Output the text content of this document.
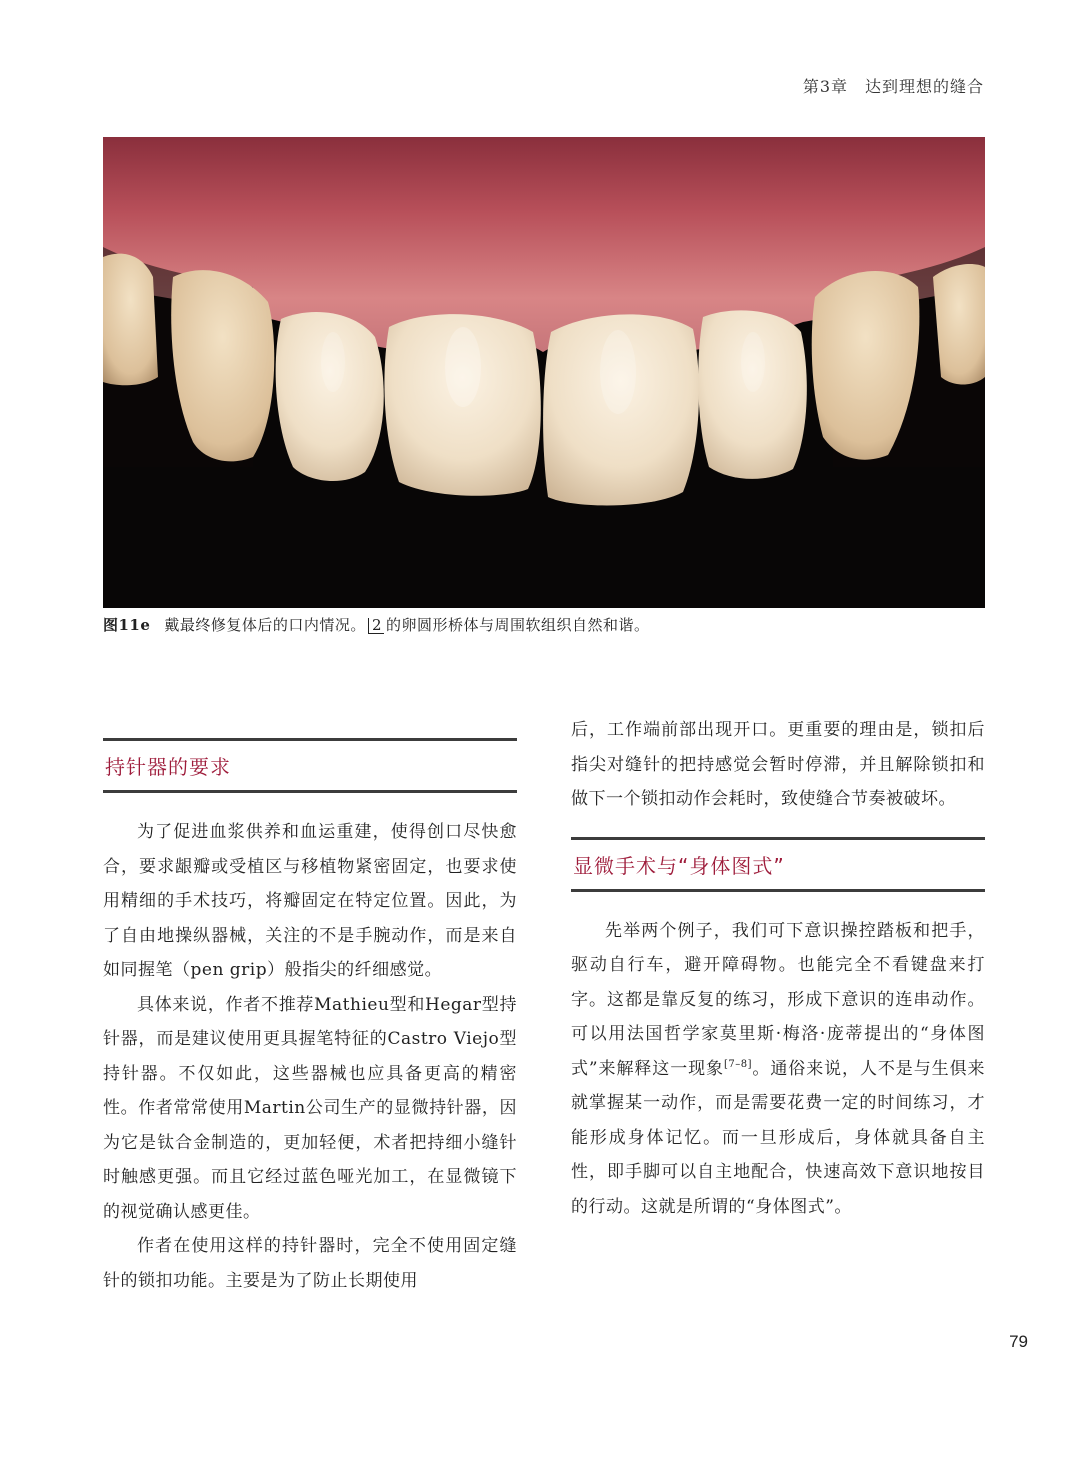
第3章　达到理想的缝合
图11e 戴最终修复体后的口内情况。 2 的卵圆形桥体与周围软组织自然和谐。
持针器的要求

为了促进血浆供养和血运重建，使得创口尽快愈合，要求龈瓣或受植区与移植物紧密固定，也要求使用精细的手术技巧，将瓣固定在特定位置。因此，为了自由地操纵器械，关注的不是手腕动作，而是来自如同握笔（pen grip）般指尖的纤细感觉。

具体来说，作者不推荐Mathieu型和Hegar型持针器，而是建议使用更具握笔特征的Castro Viejo型持针器。不仅如此，这些器械也应具备更高的精密性。作者常常使用Martin公司生产的显微持针器，因为它是钛合金制造的，更加轻便，术者把持细小缝针时触感更强。而且它经过蓝色哑光加工，在显微镜下的视觉确认感更佳。

作者在使用这样的持针器时，完全不使用固定缝针的锁扣功能。主要是为了防止长期使用

后，工作端前部出现开口。更重要的理由是，锁扣后指尖对缝针的把持感觉会暂时停滞，并且解除锁扣和做下一个锁扣动作会耗时，致使缝合节奏被破坏。

显微手术与“身体图式”

先举两个例子，我们可下意识操控踏板和把手，驱动自行车，避开障碍物。也能完全不看键盘来打字。这都是靠反复的练习，形成下意识的连串动作。可以用法国哲学家莫里斯·梅洛·庞蒂提出的“身体图式”来解释这一现象[7–8]。通俗来说，人不是与生俱来就掌握某一动作，而是需要花费一定的时间练习，才能形成身体记忆。而一旦形成后，身体就具备自主性，即手脚可以自主地配合，快速高效下意识地按目的行动。这就是所谓的“身体图式”。

79
